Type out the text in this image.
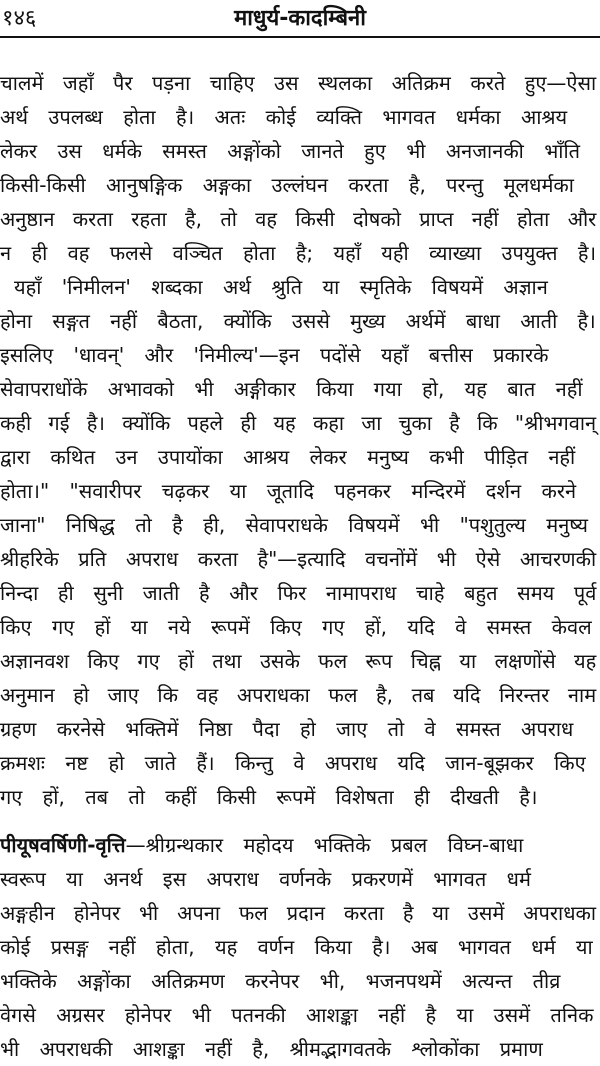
१४६	माधुर्य-कादम्बिनी
चालमें जहाँ पैर पड़ना चाहिए उस स्थलका अतिक्रम करते हुए—ऐसा
अर्थ उपलब्ध होता है। अतः कोई व्यक्ति भागवत धर्मका आश्रय
लेकर उस धर्मके समस्त अङ्गोंको जानते हुए भी अनजानकी भाँति
किसी-किसी आनुषङ्गिक अङ्गका उल्लंघन करता है, परन्तु मूलधर्मका
अनुष्ठान करता रहता है, तो वह किसी दोषको प्राप्त नहीं होता और
न ही वह फलसे वञ्चित होता है; यहाँ यही व्याख्या उपयुक्त है।
यहाँ 'निमीलन' शब्दका अर्थ श्रुति या स्मृतिके विषयमें अज्ञान
होना सङ्गत नहीं बैठता, क्योंकि उससे मुख्य अर्थमें बाधा आती है।
इसलिए 'धावन्' और 'निमील्य'—इन पदोंसे यहाँ बत्तीस प्रकारके
सेवापराधोंके अभावको भी अङ्गीकार किया गया हो, यह बात नहीं
कही गई है। क्योंकि पहले ही यह कहा जा चुका है कि "श्रीभगवान्
द्वारा कथित उन उपायोंका आश्रय लेकर मनुष्य कभी पीड़ित नहीं
होता।" "सवारीपर चढ़कर या जूतादि पहनकर मन्दिरमें दर्शन करने
जाना" निषिद्ध तो है ही, सेवापराधके विषयमें भी "पशुतुल्य मनुष्य
श्रीहरिके प्रति अपराध करता है"—इत्यादि वचनोंमें भी ऐसे आचरणकी
निन्दा ही सुनी जाती है और फिर नामापराध चाहे बहुत समय पूर्व
किए गए हों या नये रूपमें किए गए हों, यदि वे समस्त केवल
अज्ञानवश किए गए हों तथा उसके फल रूप चिह्न या लक्षणोंसे यह
अनुमान हो जाए कि वह अपराधका फल है, तब यदि निरन्तर नाम
ग्रहण करनेसे भक्तिमें निष्ठा पैदा हो जाए तो वे समस्त अपराध
क्रमशः नष्ट हो जाते हैं। किन्तु वे अपराध यदि जान-बूझकर किए
गए हों, तब तो कहीं किसी रूपमें विशेषता ही दीखती है।
पीयूषवर्षिणी-वृत्ति—श्रीग्रन्थकार महोदय भक्तिके प्रबल विघ्न-बाधा
स्वरूप या अनर्थ इस अपराध वर्णनके प्रकरणमें भागवत धर्म
अङ्गहीन होनेपर भी अपना फल प्रदान करता है या उसमें अपराधका
कोई प्रसङ्ग नहीं होता, यह वर्णन किया है। अब भागवत धर्म या
भक्तिके अङ्गोंका अतिक्रमण करनेपर भी, भजनपथमें अत्यन्त तीव्र
वेगसे अग्रसर होनेपर भी पतनकी आशङ्का नहीं है या उसमें तनिक
भी अपराधकी आशङ्का नहीं है, श्रीमद्भागवतके श्लोकोंका प्रमाण
